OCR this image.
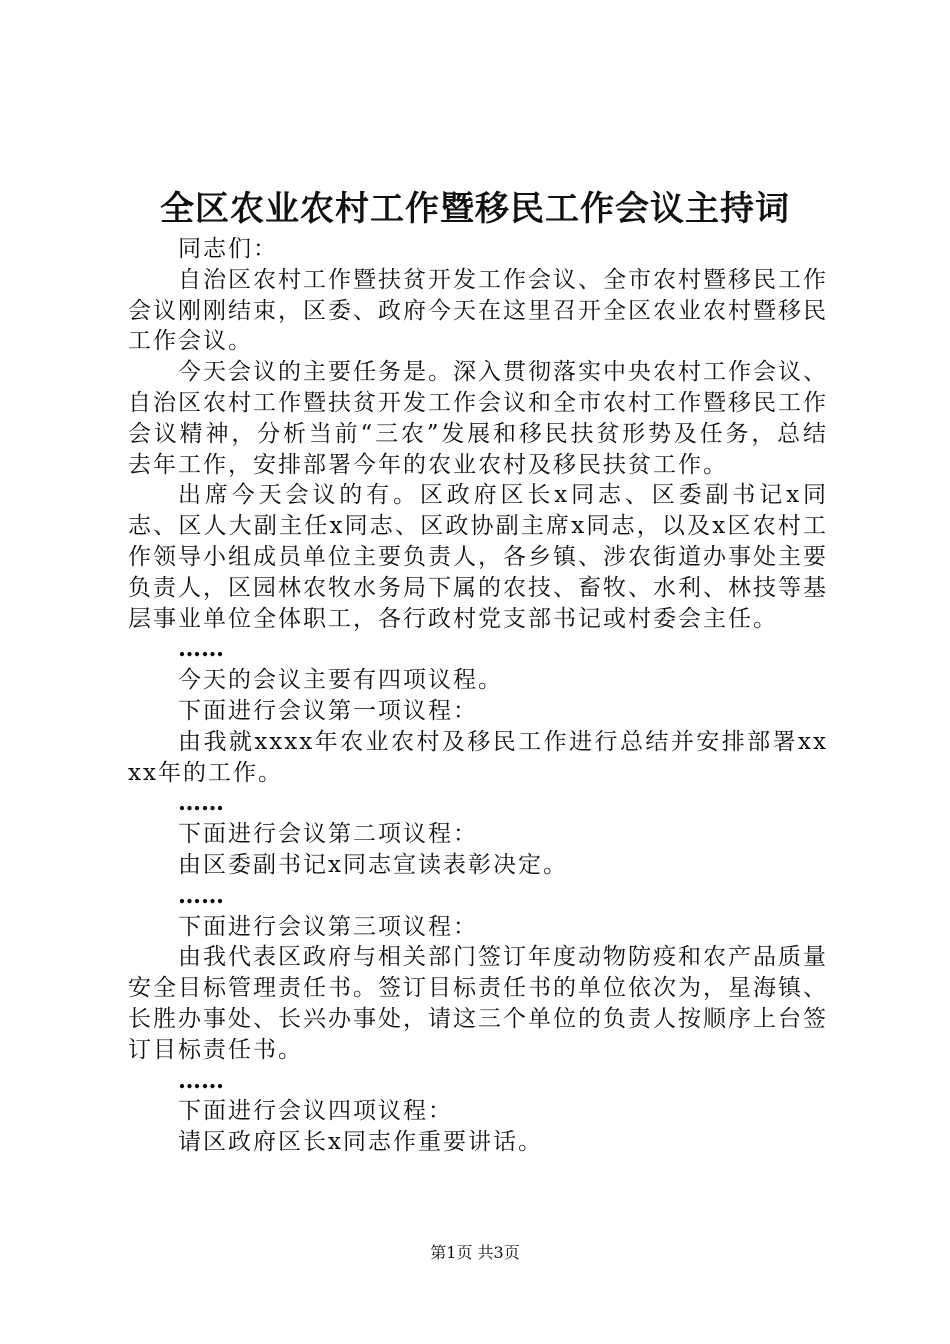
全区农业农村工作暨移民工作会议主持词

同志们：

自治区农村工作暨扶贫开发工作会议、全市农村暨移民工作会议刚刚结束，区委、政府今天在这里召开全区农业农村暨移民工作会议。

今天会议的主要任务是。深入贯彻落实中央农村工作会议、自治区农村工作暨扶贫开发工作会议和全市农村工作暨移民工作会议精神，分析当前“三农”发展和移民扶贫形势及任务，总结去年工作，安排部署今年的农业农村及移民扶贫工作。

出席今天会议的有。区政府区长x同志、区委副书记x同志、区人大副主任x同志、区政协副主席x同志，以及x区农村工作领导小组成员单位主要负责人，各乡镇、涉农街道办事处主要负责人，区园林农牧水务局下属的农技、畜牧、水利、林技等基层事业单位全体职工，各行政村党支部书记或村委会主任。

……

今天的会议主要有四项议程。

下面进行会议第一项议程：

由我就xxxx年农业农村及移民工作进行总结并安排部署xxxx年的工作。

……

下面进行会议第二项议程：

由区委副书记x同志宣读表彰决定。

……

下面进行会议第三项议程：

由我代表区政府与相关部门签订年度动物防疫和农产品质量安全目标管理责任书。签订目标责任书的单位依次为，星海镇、长胜办事处、长兴办事处，请这三个单位的负责人按顺序上台签订目标责任书。

……

下面进行会议四项议程：

请区政府区长x同志作重要讲话。

第1页 共3页
